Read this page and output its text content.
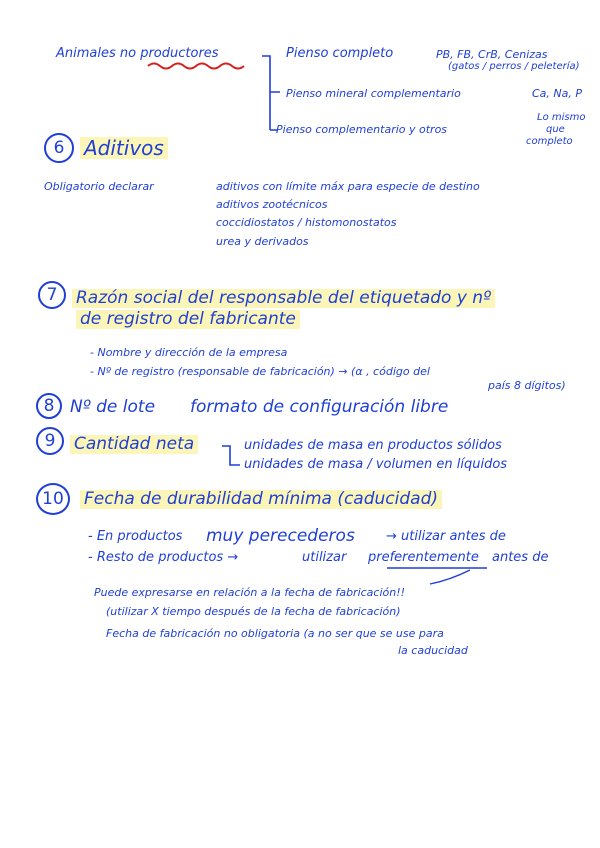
Animales no productores	Pienso completo	PB, FB, CrB, Cenizas
(gatos / perros / peletería)
Pienso mineral complementario	Ca, Na, P
Pienso complementario y otros
Lo mismo
que
completo
6 Aditivos
Obligatorio declarar	aditivos con límite máx para especie de destino
aditivos zootécnicos
coccidiostatos / histomonostatos
urea y derivados
7	Razón social del responsable del etiquetado y nº
de registro del fabricante
- Nombre y dirección de la empresa
- Nº de registro (responsable de fabricación) → (α , código del
país 8 dígitos)
8 Nº de lote formato de configuración libre
9	Cantidad neta	unidades de masa en productos sólidos
unidades de masa / volumen en líquidos
10	Fecha de durabilidad mínima (caducidad)
- En productos muy perecederos → utilizar antes de
- Resto de productos →	utilizar preferentemente antes de
Puede expresarse en relación a la fecha de fabricación!!
(utilizar X tiempo después de la fecha de fabricación)
Fecha de fabricación no obligatoria (a no ser que se use para
la caducidad
